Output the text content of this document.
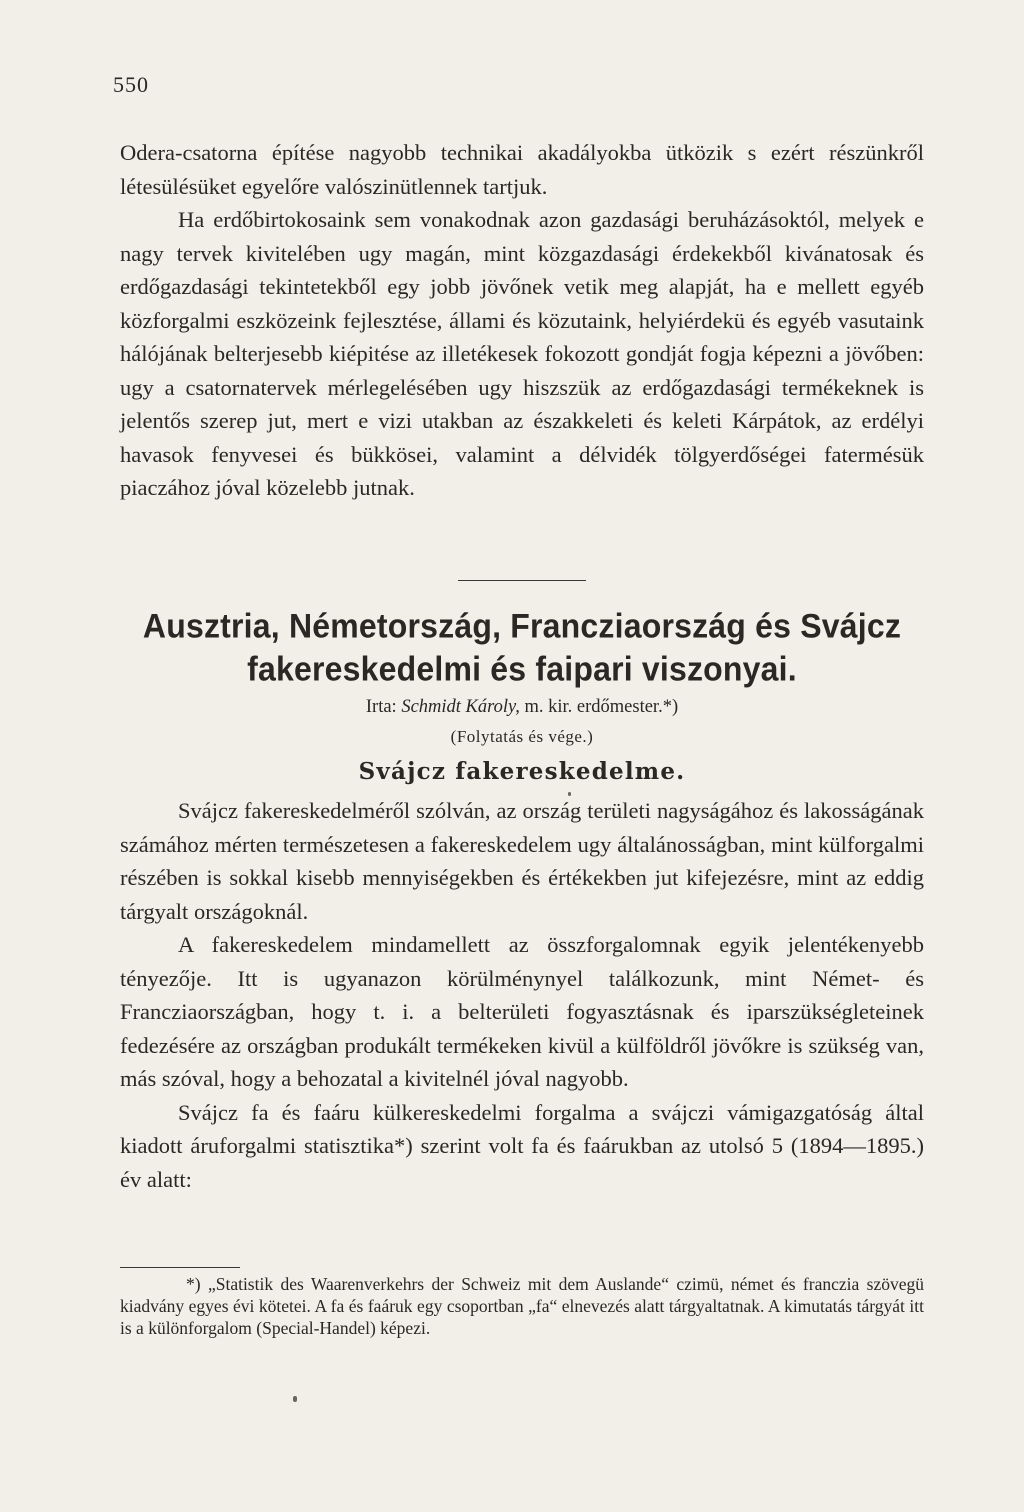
550

Odera-csatorna építése nagyobb technikai akadályokba ütközik s ezért részünkről létesülésüket egyelőre valószinütlennek tartjuk.

Ha erdőbirtokosaink sem vonakodnak azon gazdasági beruházásoktól, melyek e nagy tervek kivitelében ugy magán, mint közgazdasági érdekekből kivánatosak és erdőgazdasági tekintetekből egy jobb jövőnek vetik meg alapját, ha e mellett egyéb közforgalmi eszközeink fejlesztése, állami és közutaink, helyiérdekü és egyéb vasutaink hálójának belterjesebb kiépitése az illetékesek fokozott gondját fogja képezni a jövőben: ugy a csatornatervek mérlegelésében ugy hiszszük az erdőgazdasági termékeknek is jelentős szerep jut, mert e vizi utakban az északkeleti és keleti Kárpátok, az erdélyi havasok fenyvesei és bükkösei, valamint a délvidék tölgyerdőségei fatermésük piaczához jóval közelebb jutnak.

Ausztria, Németország, Francziaország és Svájcz
fakereskedelmi és faipari viszonyai.
Irta: Schmidt Károly, m. kir. erdőmester.*)
(Folytatás és vége.)
Svájcz fakereskedelme.

Svájcz fakereskedelméről szólván, az ország területi nagyságához és lakosságának számához mérten természetesen a fakereskedelem ugy általánosságban, mint külforgalmi részében is sokkal kisebb mennyiségekben és értékekben jut kifejezésre, mint az eddig tárgyalt országoknál.

A fakereskedelem mindamellett az összforgalomnak egyik jelentékenyebb tényezője. Itt is ugyanazon körülménynyel találkozunk, mint Német- és Francziaországban, hogy t. i. a belterületi fogyasztásnak és iparszükségleteinek fedezésére az országban produkált termékeken kivül a külföldről jövőkre is szükség van, más szóval, hogy a behozatal a kivitelnél jóval nagyobb.

Svájcz fa és faáru külkereskedelmi forgalma a svájczi vámigazgatóság által kiadott áruforgalmi statisztika*) szerint volt fa és faárukban az utolsó 5 (1894—1895.) év alatt:

*) „Statistik des Waarenverkehrs der Schweiz mit dem Auslande“ czimü, német és franczia szövegü kiadvány egyes évi kötetei. A fa és faáruk egy csoportban „fa“ elnevezés alatt tárgyaltatnak. A kimutatás tárgyát itt is a különforgalom (Special-Handel) képezi.
